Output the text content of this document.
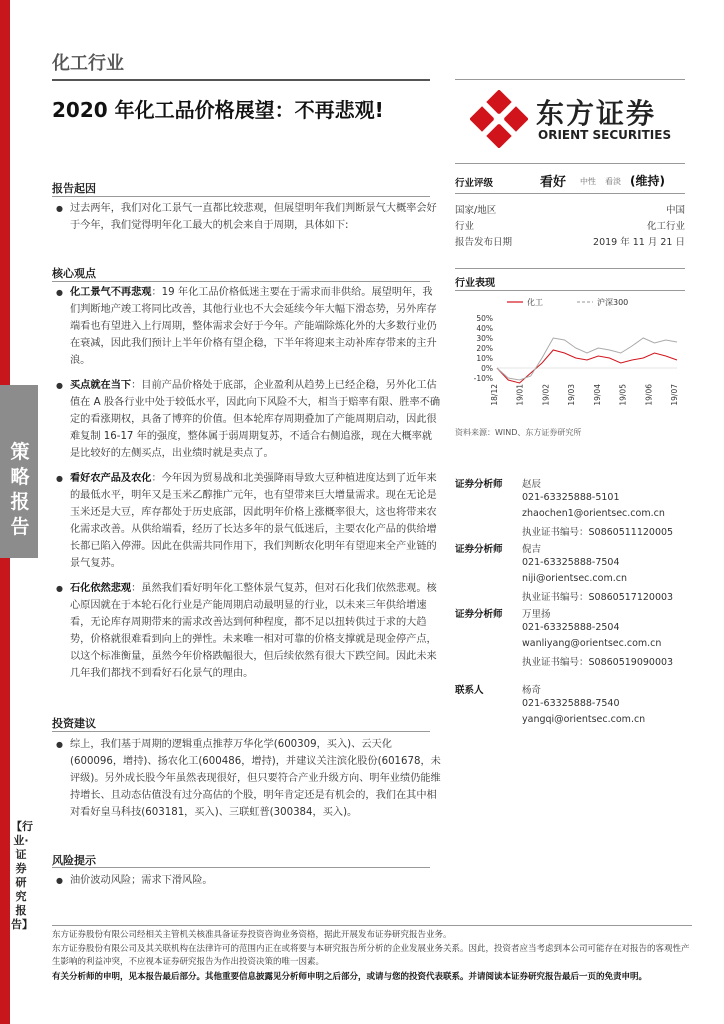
策略报告
【行业·证券研究报告】
化工行业
2020 年化工品价格展望：不再悲观!	东方证券
ORIENT SECURITIES
报告起因
● 过去两年，我们对化工景气一直都比较悲观，但展望明年我们判断景气大概率会好于今年，我们觉得明年化工最大的机会来自于周期，具体如下:
核心观点
● 化工景气不再悲观：19 年化工品价格低迷主要在于需求而非供给。展望明年，我们判断地产竣工将同比改善，其他行业也不大会延续今年大幅下滑态势，另外库存端看也有望进入上行周期，整体需求会好于今年。产能端除炼化外的大多数行业仍在衰减，因此我们预计上半年价格有望企稳，下半年将迎来主动补库存带来的主升浪。
● 买点就在当下：目前产品价格处于底部，企业盈利从趋势上已经企稳，另外化工估值在 A 股各行业中处于较低水平，因此向下风险不大，相当于赔率有限、胜率不确定的看涨期权，具备了博弈的价值。但本轮库存周期叠加了产能周期启动，因此很难复制 16-17 年的强度，整体属于弱周期复苏，不适合右侧追涨，现在大概率就是比较好的左侧买点，出业绩时就是卖点了。
● 看好农产品及农化：今年因为贸易战和北美强降雨导致大豆种植进度达到了近年来的最低水平，明年又是玉米乙醇推广元年，也有望带来巨大增量需求。现在无论是玉米还是大豆，库存都处于历史底部，因此明年价格上涨概率很大，这也将带来农化需求改善。从供给端看，经历了长达多年的景气低迷后，主要农化产品的供给增长都已陷入停滞。因此在供需共同作用下，我们判断农化明年有望迎来全产业链的景气复苏。
● 石化依然悲观：虽然我们看好明年化工整体景气复苏，但对石化我们依然悲观。核心原因就在于本轮石化行业是产能周期启动最明显的行业，以未来三年供给增速看，无论库存周期带来的需求改善达到何种程度，都不足以扭转供过于求的大趋势，价格就很难看到向上的弹性。未来唯一相对可靠的价格支撑就是现金停产点，以这个标准衡量，虽然今年价格跌幅很大，但后续依然有很大下跌空间。因此未来几年我们都找不到看好石化景气的理由。
投资建议
● 综上，我们基于周期的逻辑重点推荐万华化学(600309，买入)、云天化(600096，增持)、扬农化工(600486，增持)，并建议关注滨化股份(601678，未评级)。另外成长股今年虽然表现很好，但只要符合产业升级方向、明年业绩仍能维持增长、且动态估值没有过分高估的个股，明年肯定还是有机会的，我们在其中相对看好皇马科技(603181，买入)、三联虹普(300384，买入)。
风险提示
● 油价波动风险；需求下滑风险。
行业评级	看好 中性 看淡 (维持)
国家/地区	中国
行业	化工行业
报告发布日期	2019 年 11 月 21 日
行业表现
化工	沪深300
50%
40%
30%
20%
10%
0%
-10%
18/12 19/01 19/02 19/03 19/04 19/05 19/06 19/07
资料来源：WIND、东方证券研究所
证券分析师 赵辰
021-63325888-5101
zhaochen1@orientsec.com.cn
执业证书编号：S0860511120005
证券分析师 倪吉
021-63325888-7504
niji@orientsec.com.cn
执业证书编号：S0860517120003
证券分析师 万里扬
021-63325888-2504
wanliyang@orientsec.com.cn
执业证书编号：S0860519090003
联系人	杨奇
021-63325888-7540
yangqi@orientsec.com.cn
东方证券股份有限公司经相关主管机关核准具备证券投资咨询业务资格，据此开展发布证券研究报告业务。
东方证券股份有限公司及其关联机构在法律许可的范围内正在或将要与本研究报告所分析的企业发展业务关系。因此，投资者应当考虑到本公司可能存在对报告的客观性产生影响的利益冲突，不应视本证券研究报告为作出投资决策的唯一因素。
有关分析师的申明，见本报告最后部分。其他重要信息披露见分析师申明之后部分，或请与您的投资代表联系。并请阅读本证券研究报告最后一页的免责申明。
